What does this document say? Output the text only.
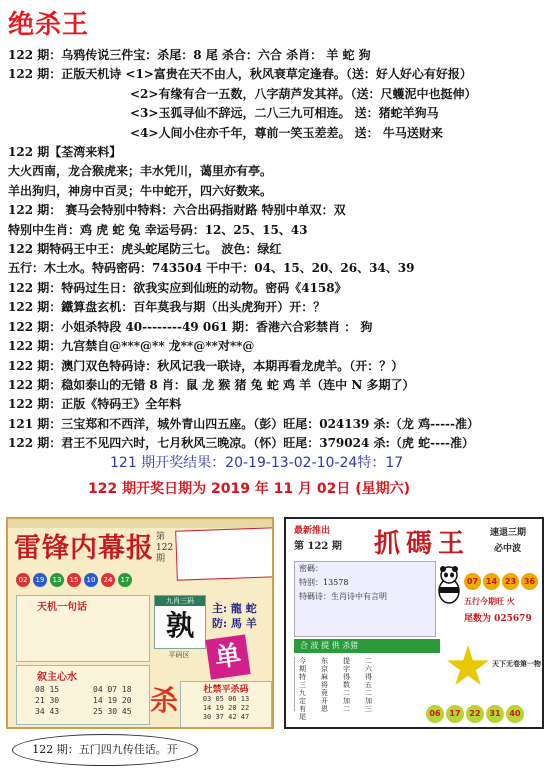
绝杀王
122 期：乌鸦传说三件宝：杀尾：8 尾 杀合：六合 杀肖： 羊 蛇 狗
122 期：正版天机诗 <1>富贵在天不由人，秋风衰草定逢春。（送：好人好心有好报）
<2>有缘有合一五数，八字葫芦发其祥。（送：尺蠖泥中也挺伸）
<3>玉狐寻仙不辞远，二八三九可相连。 送：猪蛇羊狗马
<4>人间小住亦千年，尊前一笑玉差差。 送： 牛马送财来
122 期【荃湾来料】
大火西南，龙合猴虎来；丰水凭川，蔼里亦有亭。
羊出狗归，神房中百灵；牛中蛇开，四六好数来。
122 期： 赛马会特别中特料：六合出码指财路 特别中单双：双
特别中生肖：鸡 虎 蛇 兔 幸运号码：12、25、15、43
122 期特码王中王：虎头蛇尾防三七。 波色：绿红
五行：木土水。特码密码：743504 干中干：04、15、20、26、34、39
122 期：特码过生日：欲我实应到仙班的动物。密码《4158》
122 期：鐵算盘玄机：百年莫我与期（出头虎狗开）开：？
122 期：小姐杀特段 40--------49 061 期：香港六合彩禁肖 ： 狗
122 期：九宫禁自@***@** 龙**@**对**@
122 期：澳门双色特码诗：秋风记我一联诗，本期再看龙虎羊。（开：？）
122 期：稳如泰山的无错 8 肖：鼠 龙 猴 猪 兔 蛇 鸡 羊（连中 N 多期了）
122 期：正版《特码王》全年料
121 期：三宝郑和不西洋，城外青山四五座。（彭）旺尾：024139 杀:（龙 鸡-----准）
122 期：君王不见四六时，七月秋风三晚凉。（怀）旺尾：379024 杀:（虎 蛇----准）
121 期开奖结果：20-19-13-02-10-24特：17
122 期开奖日期为 2019 年 11 月 02日 (星期六)
雷锋内幕报 第122期
02	19	13	15	10	24	17
天机一句话
九肖三码
孰
主: 龍 蛇
防: 馬 羊
单
平码区
叙主心水
08 15
21 30
34 43
04 07 18
14 19 20
25 30 45 杀	杜禁平杀码
03 05 06 13
14 19 20 22
30 37 42 47
最新推出
第 122 期 抓碼王 速退三期
必中波
密碼：
特别：13578
特碼诗：生肖诗中有言明
07 14 23 36
五行今期旺 火
尾数为 025679
合 波 提 供 杀猪
今期特三九定有尾
东京麻将竟开恩
提字得数二加二
二六得五二加三
天下无卷第一物
06	17	22	31	40
122 期：五门四九传佳话。开
